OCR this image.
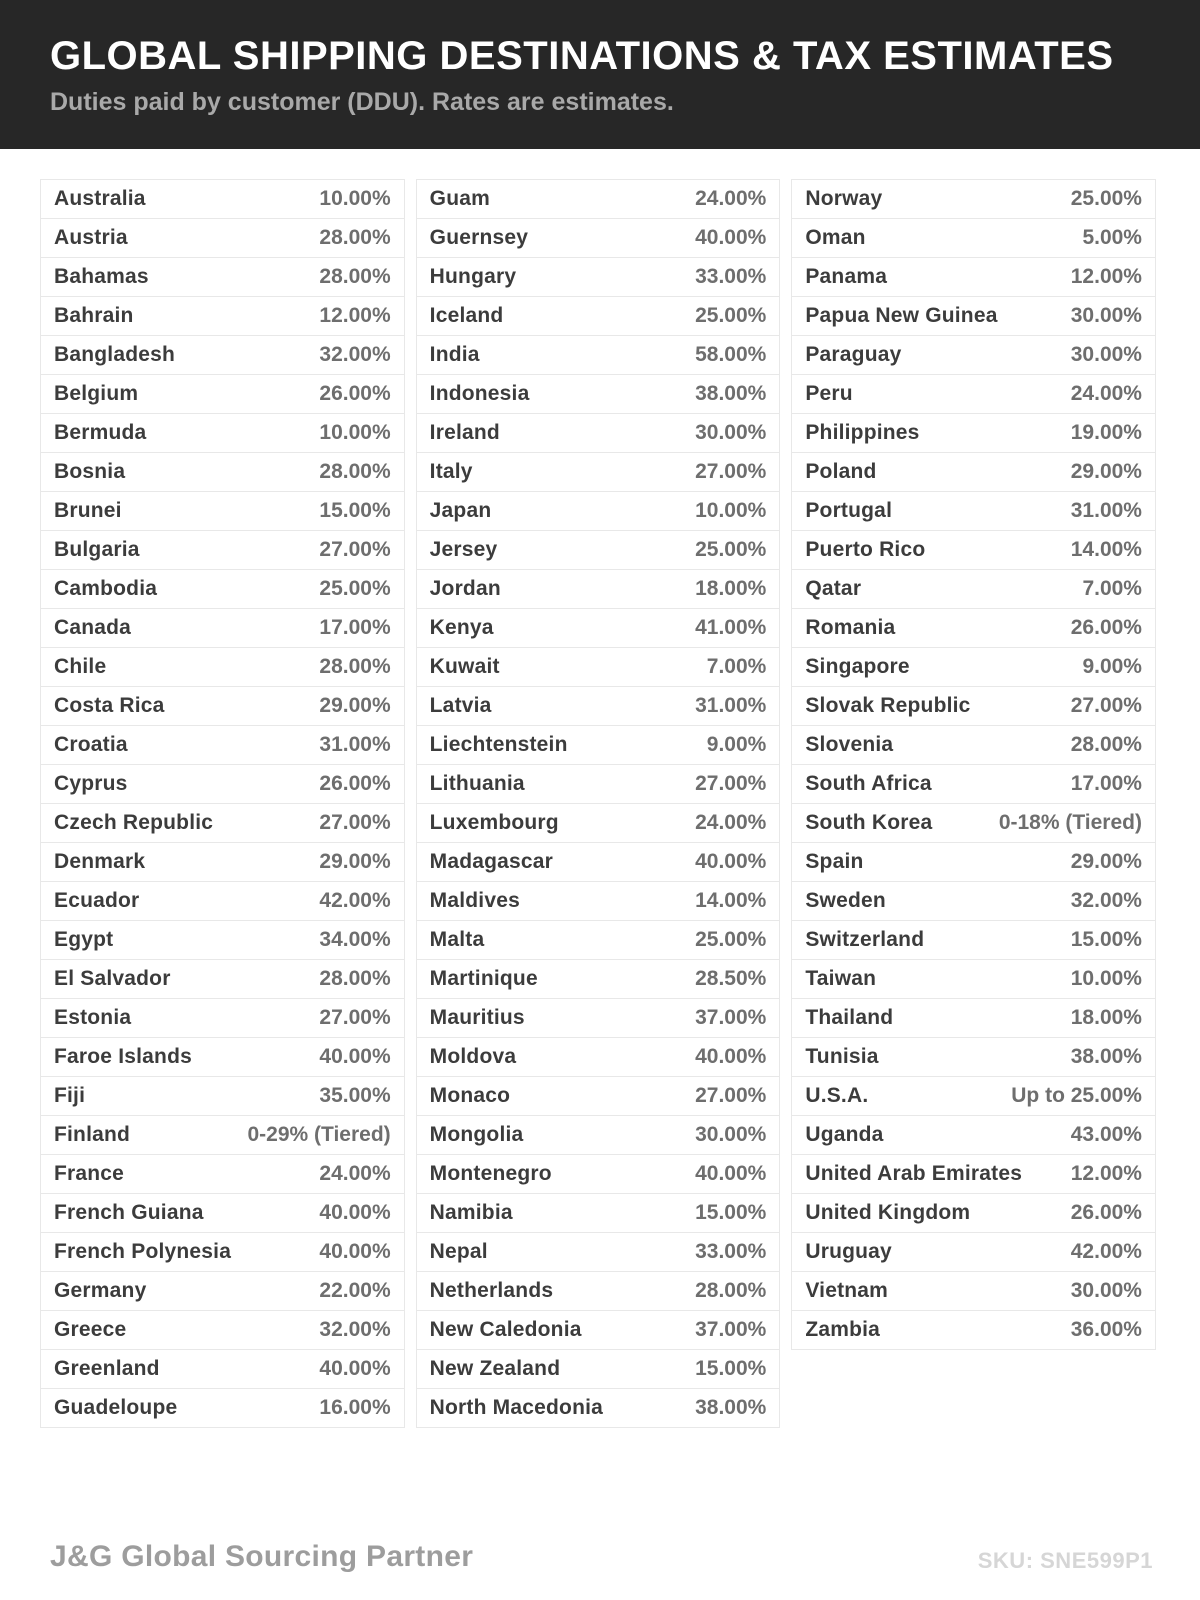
GLOBAL SHIPPING DESTINATIONS & TAX ESTIMATES

Duties paid by customer (DDU). Rates are estimates.

Australia	10.00%
Austria	28.00%
Bahamas	28.00%
Bahrain	12.00%
Bangladesh	32.00%
Belgium	26.00%
Bermuda	10.00%
Bosnia	28.00%
Brunei	15.00%
Bulgaria	27.00%
Cambodia	25.00%
Canada	17.00%
Chile	28.00%
Costa Rica	29.00%
Croatia	31.00%
Cyprus	26.00%
Czech Republic	27.00%
Denmark	29.00%
Ecuador	42.00%
Egypt	34.00%
El Salvador	28.00%
Estonia	27.00%
Faroe Islands	40.00%
Fiji	35.00%
Finland	0-29% (Tiered)
France	24.00%
French Guiana	40.00%
French Polynesia	40.00%
Germany	22.00%
Greece	32.00%
Greenland	40.00%
Guadeloupe	16.00%
Guam	24.00%
Guernsey	40.00%
Hungary	33.00%
Iceland	25.00%
India	58.00%
Indonesia	38.00%
Ireland	30.00%
Italy	27.00%
Japan	10.00%
Jersey	25.00%
Jordan	18.00%
Kenya	41.00%
Kuwait	7.00%
Latvia	31.00%
Liechtenstein	9.00%
Lithuania	27.00%
Luxembourg	24.00%
Madagascar	40.00%
Maldives	14.00%
Malta	25.00%
Martinique	28.50%
Mauritius	37.00%
Moldova	40.00%
Monaco	27.00%
Mongolia	30.00%
Montenegro	40.00%
Namibia	15.00%
Nepal	33.00%
Netherlands	28.00%
New Caledonia	37.00%
New Zealand	15.00%
North Macedonia	38.00%
Norway	25.00%
Oman	5.00%
Panama	12.00%
Papua New Guinea	30.00%
Paraguay	30.00%
Peru	24.00%
Philippines	19.00%
Poland	29.00%
Portugal	31.00%
Puerto Rico	14.00%
Qatar	7.00%
Romania	26.00%
Singapore	9.00%
Slovak Republic	27.00%
Slovenia	28.00%
South Africa	17.00%
South Korea	0-18% (Tiered)
Spain	29.00%
Sweden	32.00%
Switzerland	15.00%
Taiwan	10.00%
Thailand	18.00%
Tunisia	38.00%
U.S.A.	Up to 25.00%
Uganda	43.00%
United Arab Emirates 12.00%
United Kingdom	26.00%
Uruguay	42.00%
Vietnam	30.00%
Zambia	36.00%
J&G Global Sourcing Partner	SKU: SNE599P1
